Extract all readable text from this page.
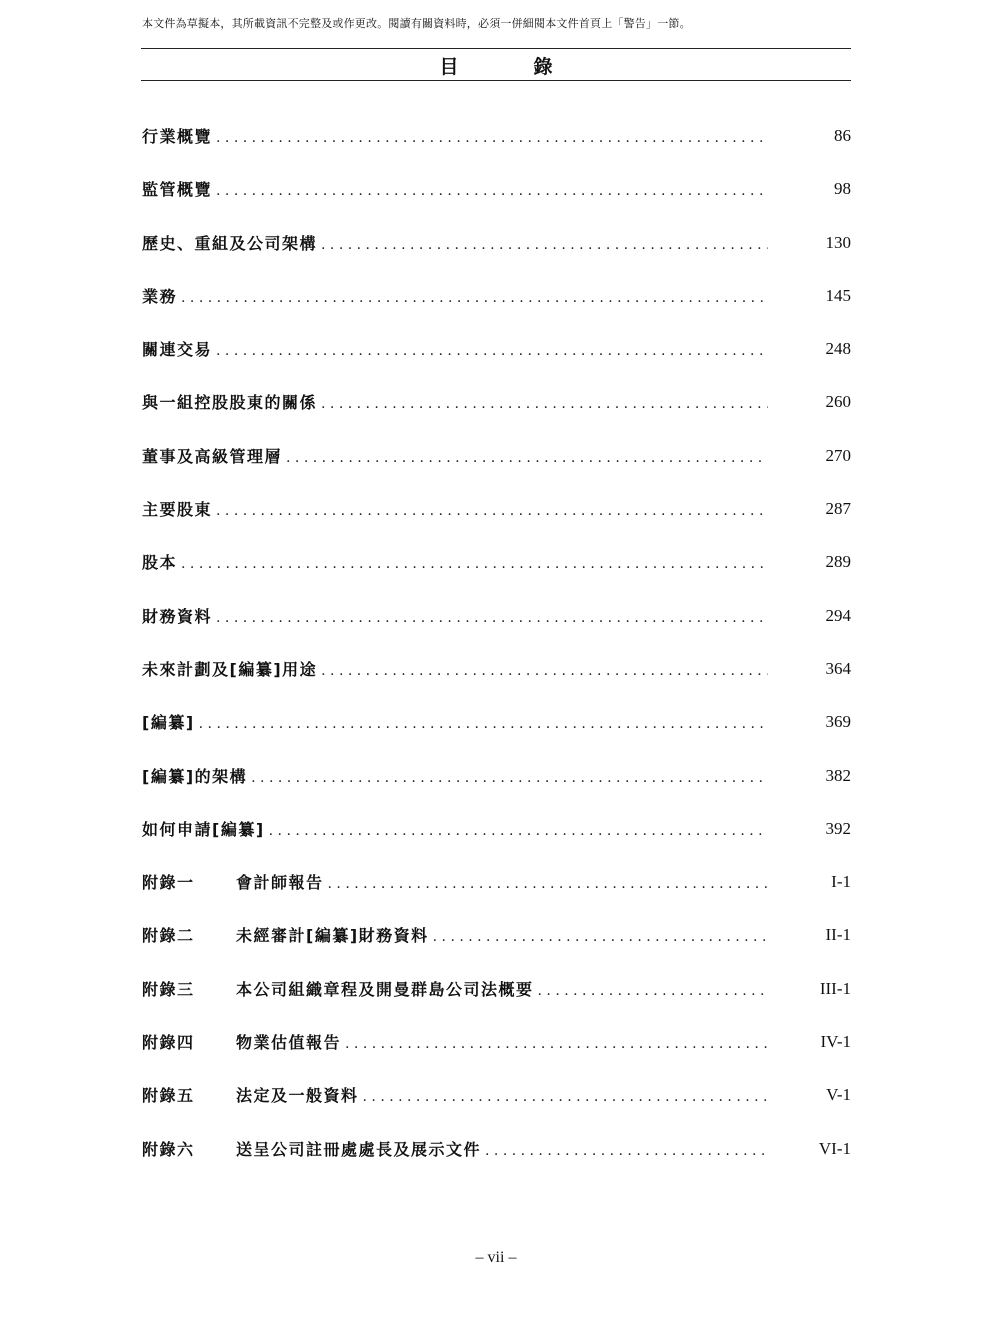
本文件為草擬本，其所載資訊不完整及或作更改。閱讀有關資料時，必須一併細閱本文件首頁上「警告」一節。
目　錄
行業概覽 . . .	86
監管概覽 . . .	98
歷史、重組及公司架構 . . .	130
業務 . . .	145
關連交易 . . .	248
與一組控股股東的關係 . . .	260
董事及高級管理層 . . .	270
主要股東 . . .	287
股本 . . .	289
財務資料 . . .	294
未來計劃及[編纂]用途 . . .	364
[編纂] . . .	369
[編纂]的架構 . . .	382
如何申請[編纂] . . .	392
附錄一	會計師報告 . . .	I-1
附錄二	未經審計[編纂]財務資料 . . .	II-1
附錄三	本公司組織章程及開曼群島公司法概要 . . .	III-1
附錄四	物業估值報告 . . .	IV-1
附錄五	法定及一般資料 . . .	V-1
附錄六	送呈公司註冊處處長及展示文件 . . .	VI-1
– vii –
